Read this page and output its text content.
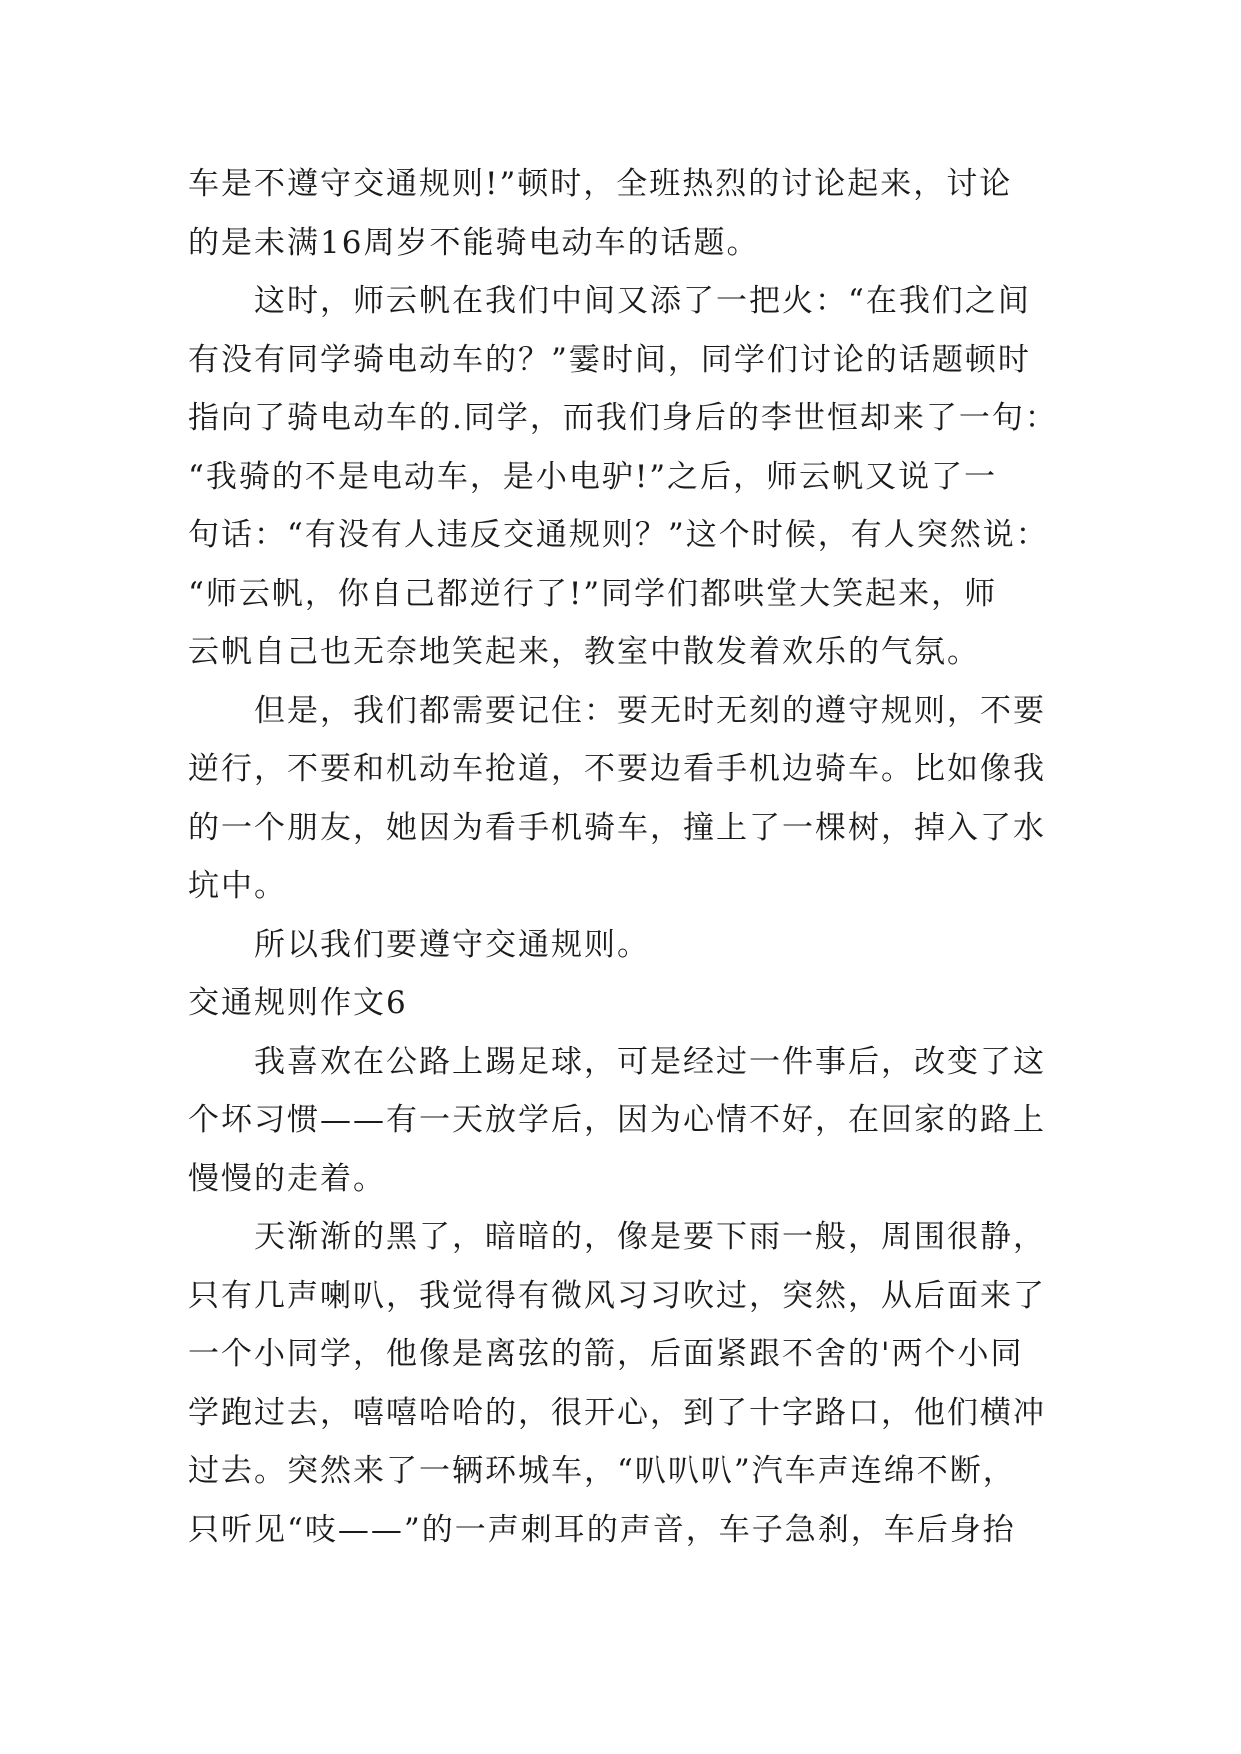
车是不遵守交通规则!”顿时，全班热烈的讨论起来，讨论
的是未满16周岁不能骑电动车的话题。
这时，师云帆在我们中间又添了一把火：“在我们之间
有没有同学骑电动车的？”霎时间，同学们讨论的话题顿时
指向了骑电动车的.同学，而我们身后的李世恒却来了一句：
“我骑的不是电动车，是小电驴!”之后，师云帆又说了一
句话：“有没有人违反交通规则？”这个时候，有人突然说：
“师云帆，你自己都逆行了!”同学们都哄堂大笑起来，师
云帆自己也无奈地笑起来，教室中散发着欢乐的气氛。
但是，我们都需要记住：要无时无刻的遵守规则，不要
逆行，不要和机动车抢道，不要边看手机边骑车。比如像我
的一个朋友，她因为看手机骑车，撞上了一棵树，掉入了水
坑中。
所以我们要遵守交通规则。
交通规则作文6
我喜欢在公路上踢足球，可是经过一件事后，改变了这
个坏习惯——有一天放学后，因为心情不好，在回家的路上
慢慢的走着。
天渐渐的黑了，暗暗的，像是要下雨一般，周围很静，
只有几声喇叭，我觉得有微风习习吹过，突然，从后面来了
一个小同学，他像是离弦的箭，后面紧跟不舍的'两个小同
学跑过去，嘻嘻哈哈的，很开心，到了十字路口，他们横冲
过去。突然来了一辆环城车，“叭叭叭”汽车声连绵不断，
只听见“吱——”的一声刺耳的声音，车子急刹，车后身抬
